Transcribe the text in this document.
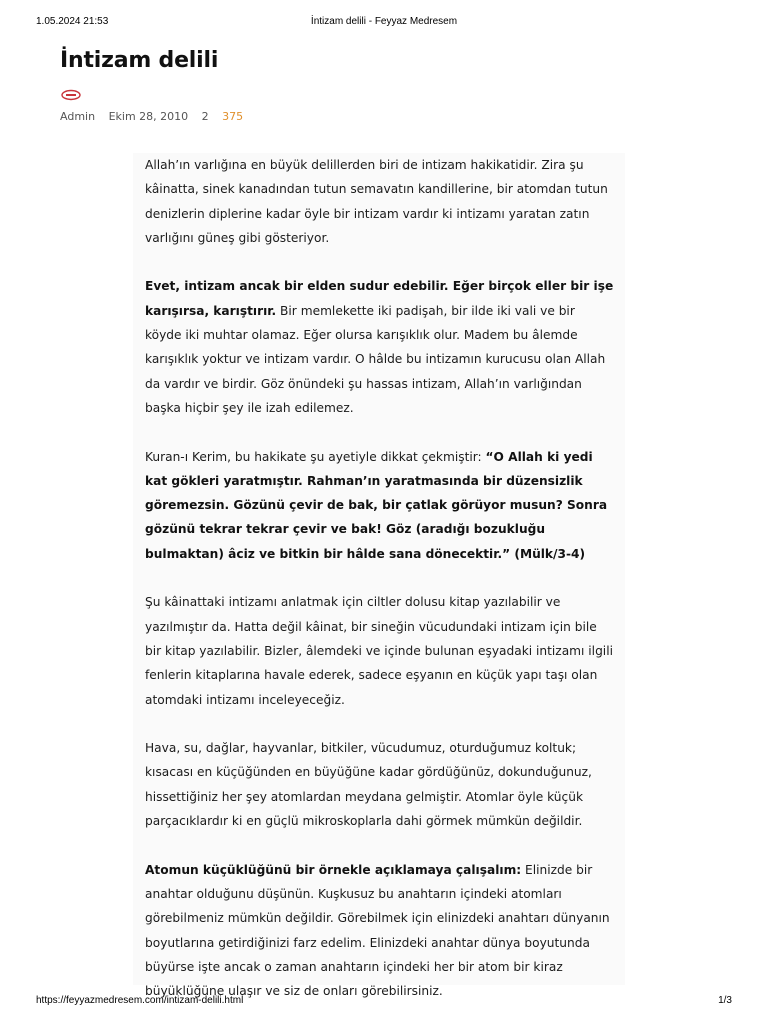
1.05.2024 21:53	İntizam delili - Feyyaz Medresem
İntizam delili
Admin Ekim 28, 2010 2 375

Allah’ın varlığına en büyük delillerden biri de intizam hakikatidir. Zira şu kâinatta, sinek kanadından tutun semavatın kandillerine, bir atomdan tutun denizlerin diplerine kadar öyle bir intizam vardır ki intizamı yaratan zatın varlığını güneş gibi gösteriyor.

Evet, intizam ancak bir elden sudur edebilir. Eğer birçok eller bir işe karışırsa, karıştırır. Bir memlekette iki padişah, bir ilde iki vali ve bir köyde iki muhtar olamaz. Eğer olursa karışıklık olur. Madem bu âlemde karışıklık yoktur ve intizam vardır. O hâlde bu intizamın kurucusu olan Allah da vardır ve birdir. Göz önündeki şu hassas intizam, Allah’ın varlığından başka hiçbir şey ile izah edilemez.

Kuran-ı Kerim, bu hakikate şu ayetiyle dikkat çekmiştir: “O Allah ki yedi kat gökleri yaratmıştır. Rahman’ın yaratmasında bir düzensizlik göremezsin. Gözünü çevir de bak, bir çatlak görüyor musun? Sonra gözünü tekrar tekrar çevir ve bak! Göz (aradığı bozukluğu bulmaktan) âciz ve bitkin bir hâlde sana dönecektir.” (Mülk/3-4)

Şu kâinattaki intizamı anlatmak için ciltler dolusu kitap yazılabilir ve yazılmıştır da. Hatta değil kâinat, bir sineğin vücudundaki intizam için bile bir kitap yazılabilir. Bizler, âlemdeki ve içinde bulunan eşyadaki intizamı ilgili fenlerin kitaplarına havale ederek, sadece eşyanın en küçük yapı taşı olan atomdaki intizamı inceleyeceğiz.

Hava, su, dağlar, hayvanlar, bitkiler, vücudumuz, oturduğumuz koltuk; kısacası en küçüğünden en büyüğüne kadar gördüğünüz, dokunduğunuz, hissettiğiniz her şey atomlardan meydana gelmiştir. Atomlar öyle küçük parçacıklardır ki en güçlü mikroskoplarla dahi görmek mümkün değildir.

Atomun küçüklüğünü bir örnekle açıklamaya çalışalım: Elinizde bir anahtar olduğunu düşünün. Kuşkusuz bu anahtarın içindeki atomları görebilmeniz mümkün değildir. Görebilmek için elinizdeki anahtarı dünyanın boyutlarına getirdiğinizi farz edelim. Elinizdeki anahtar dünya boyutunda büyürse işte ancak o zaman anahtarın içindeki her bir atom bir kiraz büyüklüğüne ulaşır ve siz de onları görebilirsiniz.

https://feyyazmedresem.com/intizam-delili.html	1/3
